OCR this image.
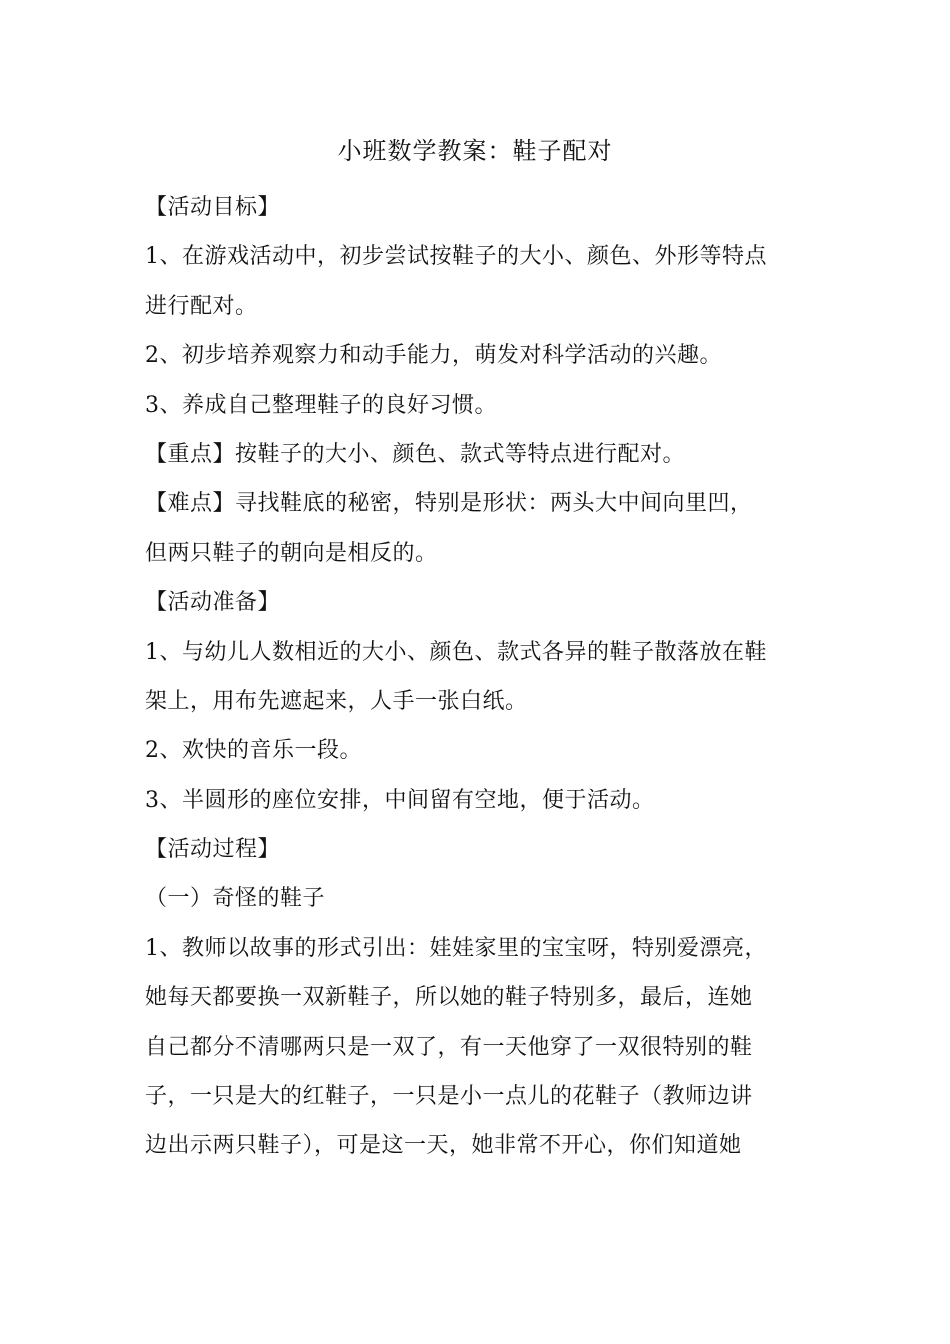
小班数学教案：鞋子配对
【活动目标】
1、在游戏活动中，初步尝试按鞋子的大小、颜色、外形等特点
进行配对。
2、初步培养观察力和动手能力，萌发对科学活动的兴趣。
3、养成自己整理鞋子的良好习惯。
【重点】按鞋子的大小、颜色、款式等特点进行配对。
【难点】寻找鞋底的秘密，特别是形状：两头大中间向里凹，
但两只鞋子的朝向是相反的。
【活动准备】
1、与幼儿人数相近的大小、颜色、款式各异的鞋子散落放在鞋
架上，用布先遮起来，人手一张白纸。
2、欢快的音乐一段。
3、半圆形的座位安排，中间留有空地，便于活动。
【活动过程】
（一）奇怪的鞋子
1、教师以故事的形式引出：娃娃家里的宝宝呀，特别爱漂亮，
她每天都要换一双新鞋子，所以她的鞋子特别多，最后，连她
自己都分不清哪两只是一双了，有一天他穿了一双很特别的鞋
子，一只是大的红鞋子，一只是小一点儿的花鞋子（教师边讲
边出示两只鞋子），可是这一天，她非常不开心，你们知道她
